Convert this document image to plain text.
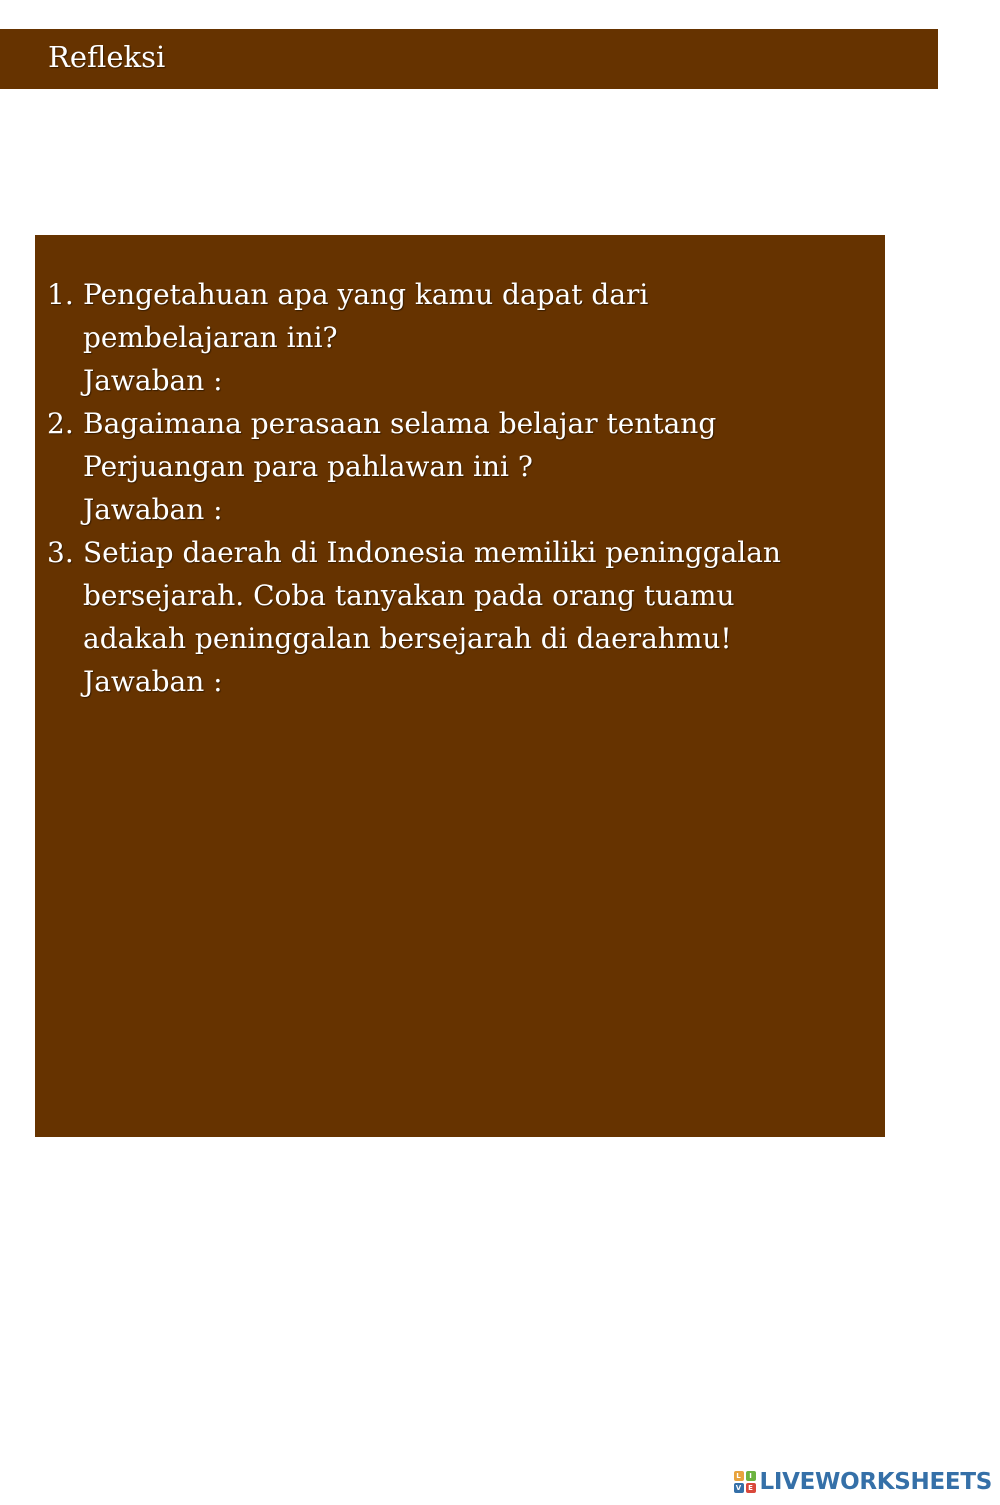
Refleksi
1. Pengetahuan apa yang kamu dapat dari
pembelajaran ini?
Jawaban :
2. Bagaimana perasaan selama belajar tentang
Perjuangan para pahlawan ini ?
Jawaban :
3. Setiap daerah di Indonesia memiliki peninggalan
bersejarah. Coba tanyakan pada orang tuamu
adakah peninggalan bersejarah di daerahmu!
Jawaban :
L	I
V E LIVEWORKSHEETS
